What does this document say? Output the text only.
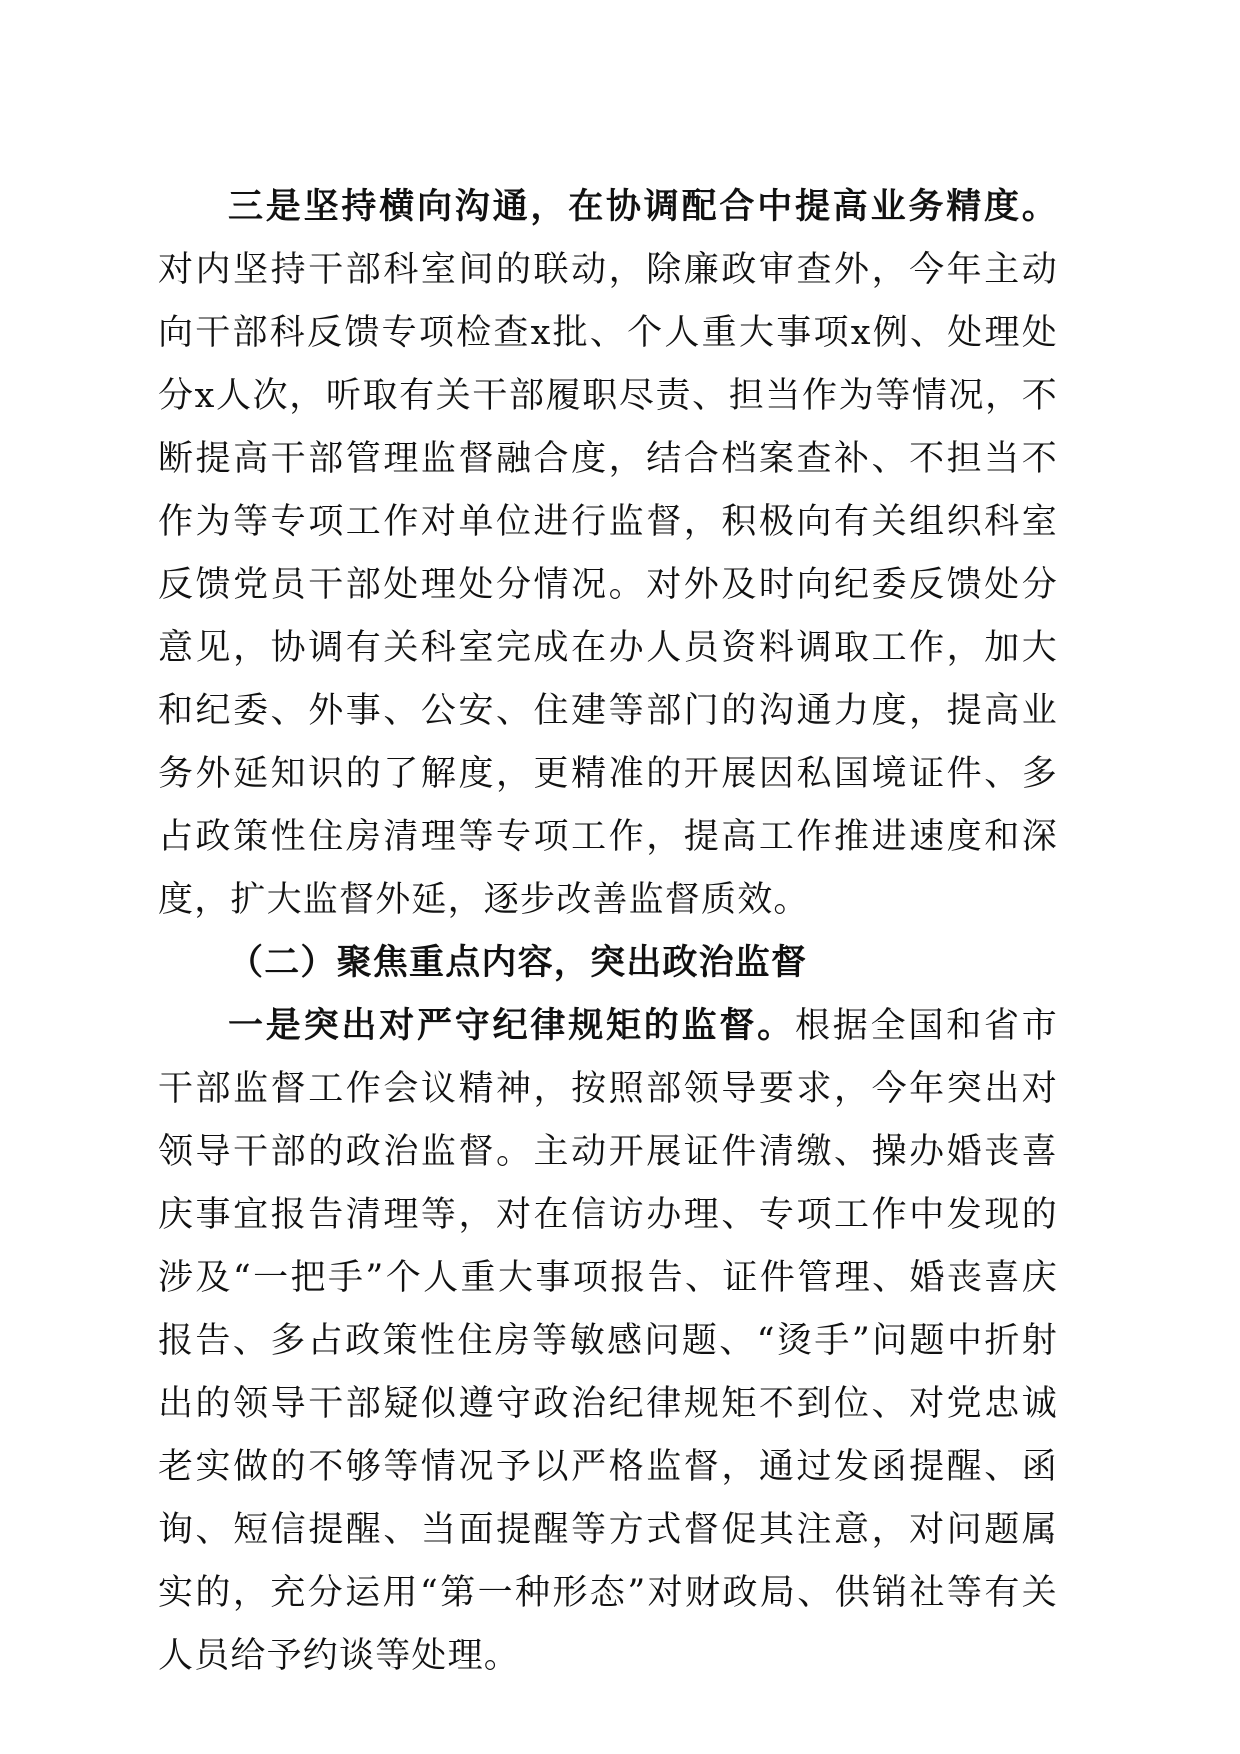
三是坚持横向沟通，在协调配合中提高业务精度。对内坚持干部科室间的联动，除廉政审查外，今年主动向干部科反馈专项检查x批、个人重大事项x例、处理处分x人次，听取有关干部履职尽责、担当作为等情况，不断提高干部管理监督融合度，结合档案查补、不担当不作为等专项工作对单位进行监督，积极向有关组织科室反馈党员干部处理处分情况。对外及时向纪委反馈处分意见，协调有关科室完成在办人员资料调取工作，加大和纪委、外事、公安、住建等部门的沟通力度，提高业务外延知识的了解度，更精准的开展因私国境证件、多占政策性住房清理等专项工作，提高工作推进速度和深度，扩大监督外延，逐步改善监督质效。

（二）聚焦重点内容，突出政治监督

一是突出对严守纪律规矩的监督。根据全国和省市干部监督工作会议精神，按照部领导要求，今年突出对领导干部的政治监督。主动开展证件清缴、操办婚丧喜庆事宜报告清理等，对在信访办理、专项工作中发现的涉及“一把手”个人重大事项报告、证件管理、婚丧喜庆报告、多占政策性住房等敏感问题、“烫手”问题中折射出的领导干部疑似遵守政治纪律规矩不到位、对党忠诚老实做的不够等情况予以严格监督，通过发函提醒、函询、短信提醒、当面提醒等方式督促其注意，对问题属实的，充分运用“第一种形态”对财政局、供销社等有关人员给予约谈等处理。
